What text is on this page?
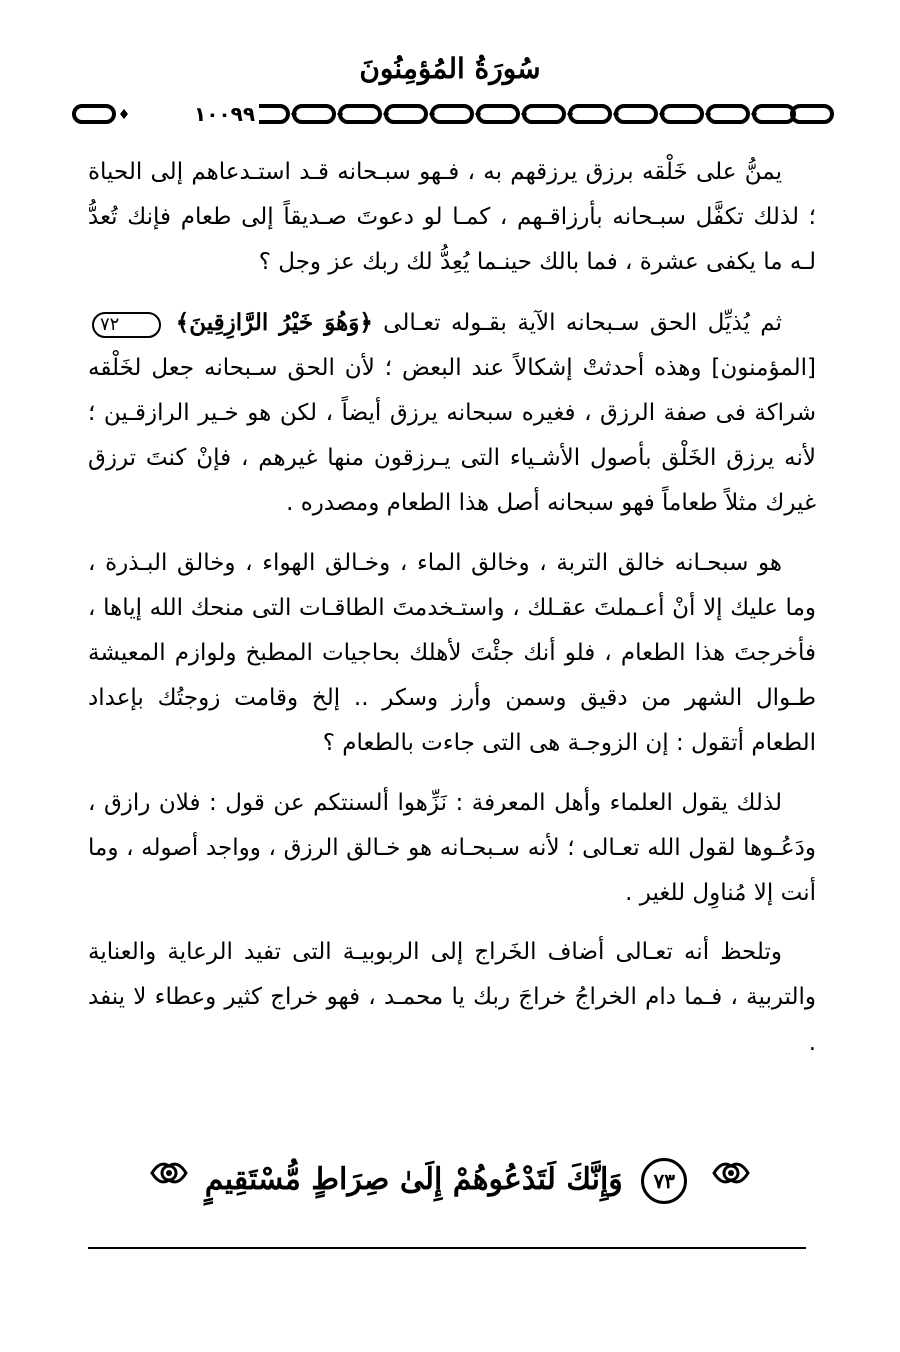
سُورَةُ المُؤمِنُونَ
١٠٠٩٩

يمنُّ على خَلْقه برزق يرزقهم به ، فـهو سبـحانه قـد استـدعاهم إلى الحياة ؛ لذلك تكفَّل سبـحانه بأرزاقـهم ، كمـا لو دعوتَ صـديقاً إلى طعام فإنك تُعدُّ لـه ما يكفى عشرة ، فما بالك حينـما يُعِدُّ لك ربك عز وجل ؟

ثم يُذيِّل الحق سـبحانه الآية بقـوله تعـالى ﴿وَهُوَ خَيْرُ الرَّازِقِينَ﴾ ٧٢ [المؤمنون] وهذه أحدثتْ إشكالاً عند البعض ؛ لأن الحق سـبحانه جعل لخَلْقه شراكة فى صفة الرزق ، فغيره سبحانه يرزق أيضاً ، لكن هو خـير الرازقـين ؛ لأنه يرزق الخَلْق بأصول الأشـياء التى يـرزقون منها غيرهم ، فإنْ كنتَ ترزق غيرك مثلاً طعاماً فهو سبحانه أصل هذا الطعام ومصدره .

هو سبحـانه خالق التربة ، وخالق الماء ، وخـالق الهواء ، وخالق البـذرة ، وما عليك إلا أنْ أعـملتَ عقـلك ، واستـخدمتَ الطاقـات التى منحك الله إياها ، فأخرجتَ هذا الطعام ، فلو أنك جئْتَ لأهلك بحاجيات المطبخ ولوازم المعيشة طـوال الشهر من دقيق وسمن وأرز وسكر .. إلخ وقامت زوجتُك بإعداد الطعام أتقول : إن الزوجـة هى التى جاءت بالطعام ؟

لذلك يقول العلماء وأهل المعرفة : نَزِّهوا ألسنتكم عن قول : فلان رازق ، ودَعُـوها لقول الله تعـالى ؛ لأنه سـبحـانه هو خـالق الرزق ، وواجد أصوله ، وما أنت إلا مُناوِل للغير .

وتلحظ أنه تعـالى أضاف الخَراج إلى الربوبيـة التى تفيد الرعاية والعناية والتربية ، فـما دام الخراجُ خراجَ ربك يا محمـد ، فهو خراج كثير وعطاء لا ينفد .

٧٣ وَإِنَّكَ لَتَدْعُوهُمْ إِلَىٰ صِرَاطٍ مُّسْتَقِيمٍ
